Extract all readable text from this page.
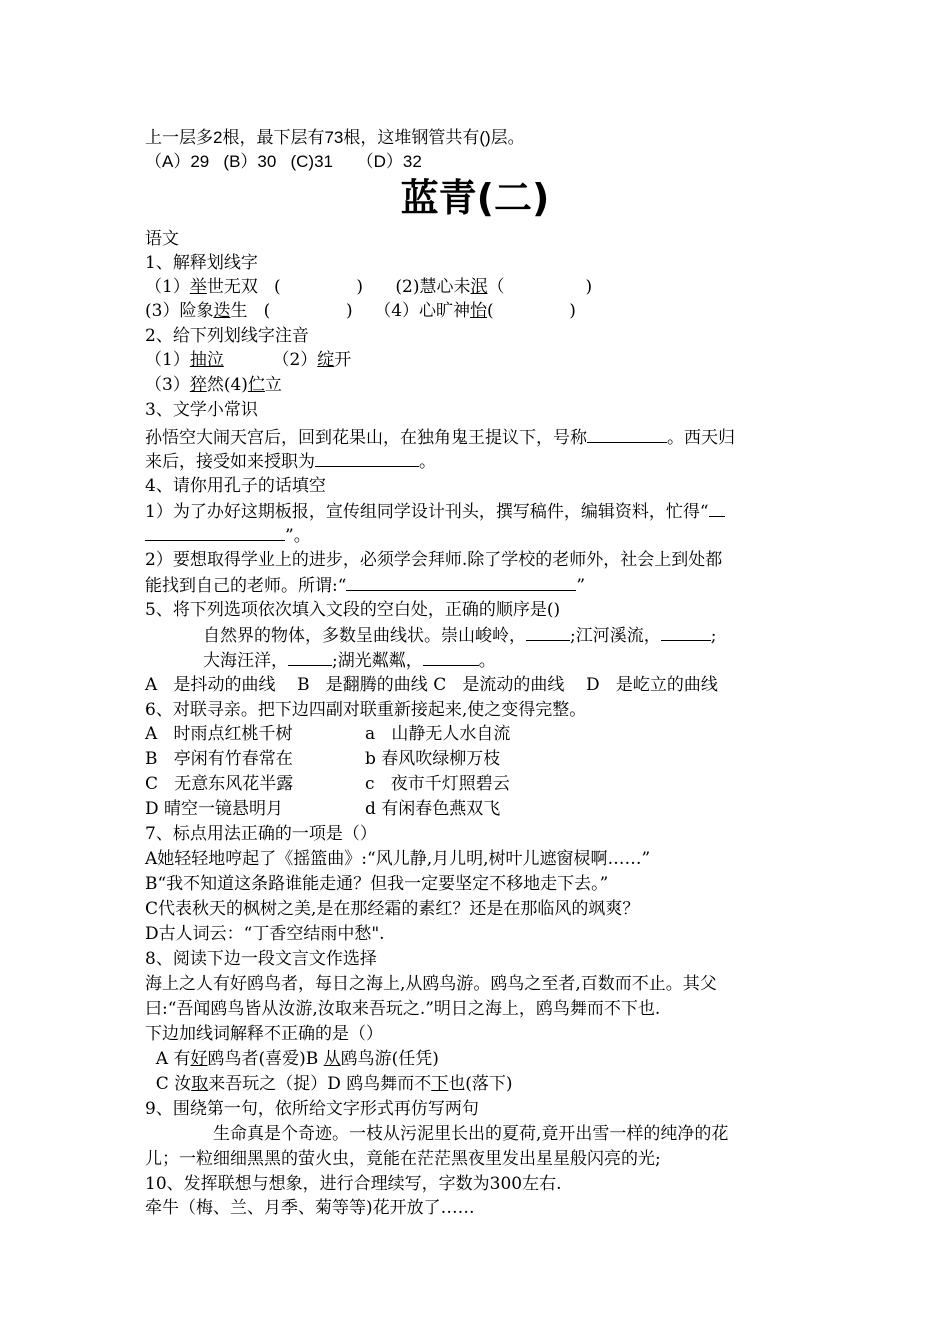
上一层多2根，最下层有73根，这堆钢管共有()层。
（A）29   (B）30   (C)31     （D）32
蓝青(二)
语文
1、解释划线字
（1）举世无双   (              )      (2)慧心未泯（               )
(3）险象迭生   (              )    （4）心旷神怡(              )
2、给下列划线字注音
（1）抽泣         （2）绽开
（3）猝然(4)伫立
3、文学小常识
孙悟空大闹天宫后，回到花果山，在独角鬼王提议下，号称	。西天归
来后，接受如来授职为	。
4、请你用孔子的话填空
1）为了办好这期板报，宣传组同学设计刊头，撰写稿件，编辑资料，忙得“
”。
2）要想取得学业上的进步，必须学会拜师.除了学校的老师外，社会上到处都
能找到自己的老师。所谓:“	”
5、将下列选项依次填入文段的空白处，正确的顺序是()
自然界的物体，多数呈曲线状。崇山峻岭，	;江河溪流，	;
大海汪洋，	;湖光粼粼，	。
A   是抖动的曲线    B   是翻腾的曲线 C   是流动的曲线    D   是屹立的曲线
6、对联寻亲。把下边四副对联重新接起来,使之变得完整。
A   时雨点红桃千树	a   山静无人水自流
B   亭闲有竹春常在	b 春风吹绿柳万枝
C   无意东风花半露	c   夜市千灯照碧云
D 晴空一镜悬明月	d 有闲春色燕双飞
7、标点用法正确的一项是（）
A她轻轻地哼起了《摇篮曲》:“风儿静,月儿明,树叶儿遮窗棂啊……”
B“我不知道这条路谁能走通？但我一定要坚定不移地走下去。”
C代表秋天的枫树之美,是在那经霜的素红？还是在那临风的飒爽？
D古人词云：“丁香空结雨中愁".
8、阅读下边一段文言文作选择
海上之人有好鸥鸟者，每日之海上,从鸥鸟游。鸥鸟之至者,百数而不止。其父
曰:“吾闻鸥鸟皆从汝游,汝取来吾玩之.”明日之海上，鸥鸟舞而不下也.
下边加线词解释不正确的是（）
A 有好鸥鸟者(喜爱)B 从鸥鸟游(任凭)
C 汝取来吾玩之（捉）D 鸥鸟舞而不下也(落下)
9、围绕第一句，依所给文字形式再仿写两句
生命真是个奇迹。一枝从污泥里长出的夏荷,竟开出雪一样的纯净的花
儿；一粒细细黑黑的萤火虫，竟能在茫茫黑夜里发出星星般闪亮的光;
10、发挥联想与想象，进行合理续写，字数为300左右.
牵牛（梅、兰、月季、菊等等)花开放了……
